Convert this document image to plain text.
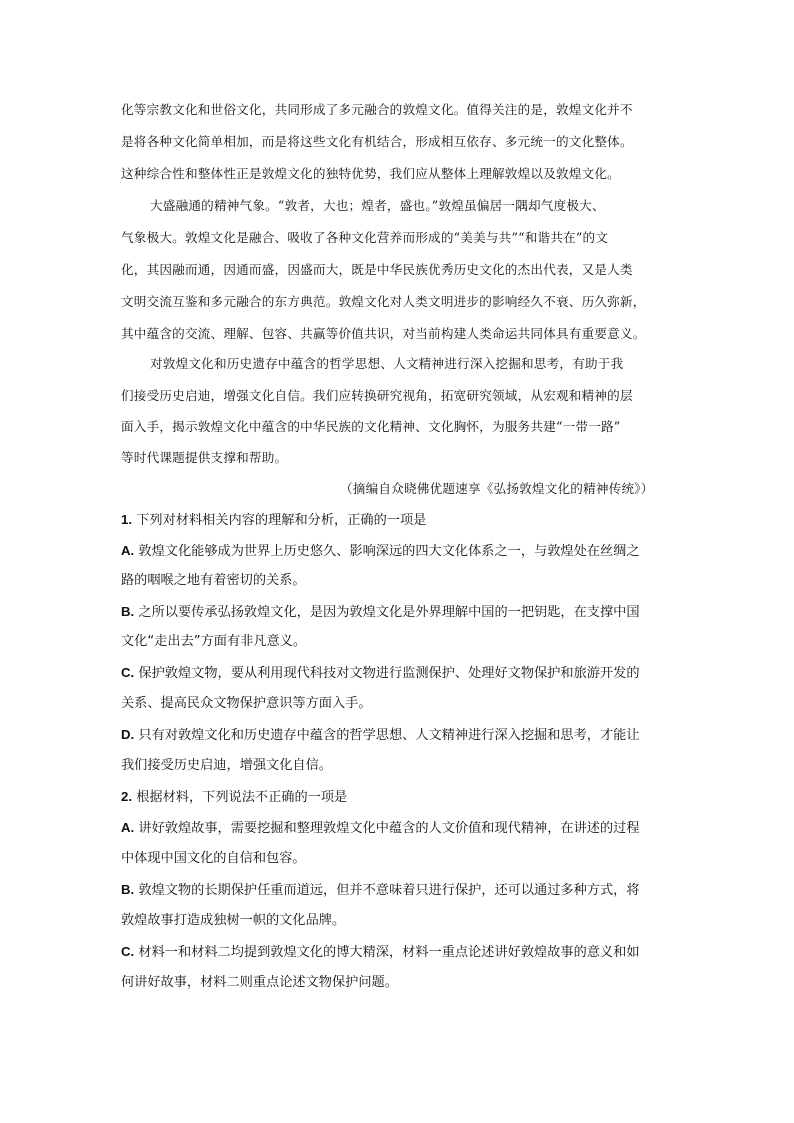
化等宗教文化和世俗文化，共同形成了多元融合的敦煌文化。值得关注的是，敦煌文化并不
是将各种文化简单相加，而是将这些文化有机结合，形成相互依存、多元统一的文化整体。
这种综合性和整体性正是敦煌文化的独特优势，我们应从整体上理解敦煌以及敦煌文化。
大盛融通的精神气象。“敦者，大也；煌者，盛也。”敦煌虽偏居一隅却气度极大、
气象极大。敦煌文化是融合、吸收了各种文化营养而形成的“美美与共”“和谐共在”的文
化，其因融而通，因通而盛，因盛而大，既是中华民族优秀历史文化的杰出代表，又是人类
文明交流互鉴和多元融合的东方典范。敦煌文化对人类文明进步的影响经久不衰、历久弥新，
其中蕴含的交流、理解、包容、共赢等价值共识，对当前构建人类命运共同体具有重要意义。
对敦煌文化和历史遗存中蕴含的哲学思想、人文精神进行深入挖掘和思考，有助于我
们接受历史启迪，增强文化自信。我们应转换研究视角，拓宽研究领域，从宏观和精神的层
面入手，揭示敦煌文化中蕴含的中华民族的文化精神、文化胸怀，为服务共建“一带一路”
等时代课题提供支撑和帮助。
（摘编自众晓佛优题速享《弘扬敦煌文化的精神传统》）
1. 下列对材料相关内容的理解和分析，正确的一项是
A. 敦煌文化能够成为世界上历史悠久、影响深远的四大文化体系之一，与敦煌处在丝绸之
路的咽喉之地有着密切的关系。
B. 之所以要传承弘扬敦煌文化，是因为敦煌文化是外界理解中国的一把钥匙，在支撑中国
文化“走出去”方面有非凡意义。
C. 保护敦煌文物，要从利用现代科技对文物进行监测保护、处理好文物保护和旅游开发的
关系、提高民众文物保护意识等方面入手。
D. 只有对敦煌文化和历史遗存中蕴含的哲学思想、人文精神进行深入挖掘和思考，才能让
我们接受历史启迪，增强文化自信。
2. 根据材料，下列说法不正确的一项是
A. 讲好敦煌故事，需要挖掘和整理敦煌文化中蕴含的人文价值和现代精神，在讲述的过程
中体现中国文化的自信和包容。
B. 敦煌文物的长期保护任重而道远，但并不意味着只进行保护，还可以通过多种方式，将
敦煌故事打造成独树一帜的文化品牌。
C. 材料一和材料二均提到敦煌文化的博大精深，材料一重点论述讲好敦煌故事的意义和如
何讲好故事，材料二则重点论述文物保护问题。
